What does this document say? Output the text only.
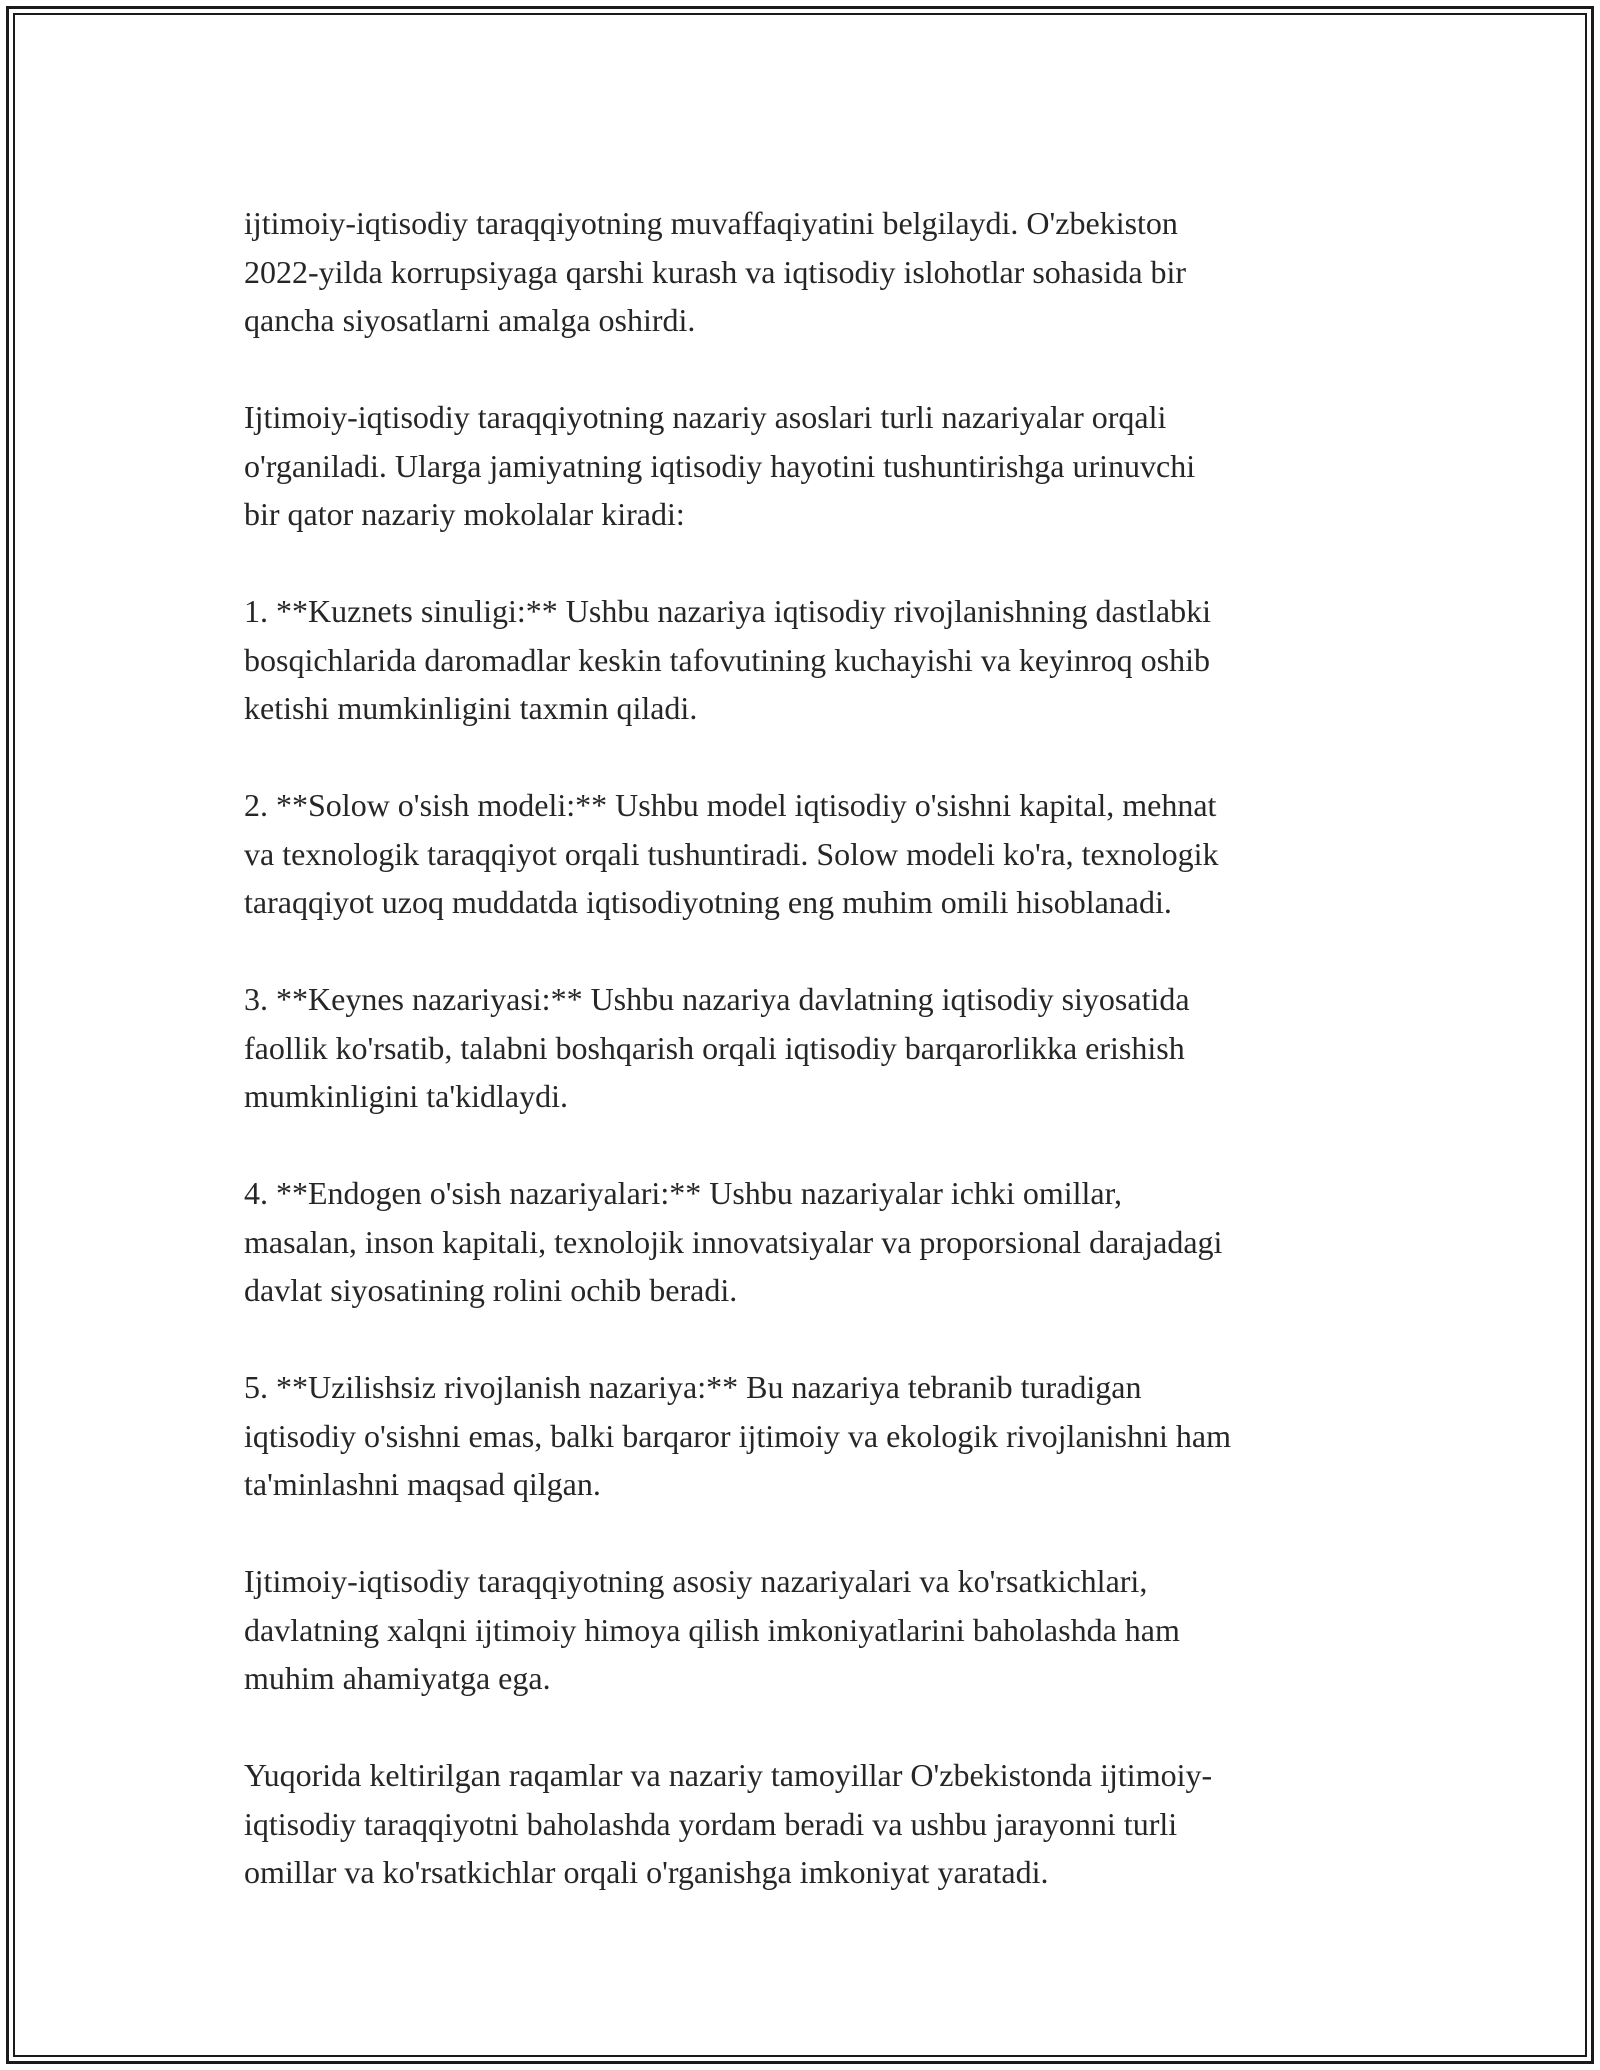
ijtimoiy-iqtisodiy taraqqiyotning muvaffaqiyatini belgilaydi. O'zbekiston
2022-yilda korrupsiyaga qarshi kurash va iqtisodiy islohotlar sohasida bir
qancha siyosatlarni amalga oshirdi.

Ijtimoiy-iqtisodiy taraqqiyotning nazariy asoslari turli nazariyalar orqali
o'rganiladi. Ularga jamiyatning iqtisodiy hayotini tushuntirishga urinuvchi
bir qator nazariy mokolalar kiradi:

1. **Kuznets sinuligi:** Ushbu nazariya iqtisodiy rivojlanishning dastlabki
bosqichlarida daromadlar keskin tafovutining kuchayishi va keyinroq oshib
ketishi mumkinligini taxmin qiladi.

2. **Solow o'sish modeli:** Ushbu model iqtisodiy o'sishni kapital, mehnat
va texnologik taraqqiyot orqali tushuntiradi. Solow modeli ko'ra, texnologik
taraqqiyot uzoq muddatda iqtisodiyotning eng muhim omili hisoblanadi.

3. **Keynes nazariyasi:** Ushbu nazariya davlatning iqtisodiy siyosatida
faollik ko'rsatib, talabni boshqarish orqali iqtisodiy barqarorlikka erishish
mumkinligini ta'kidlaydi.

4. **Endogen o'sish nazariyalari:** Ushbu nazariyalar ichki omillar,
masalan, inson kapitali, texnolojik innovatsiyalar va proporsional darajadagi
davlat siyosatining rolini ochib beradi.

5. **Uzilishsiz rivojlanish nazariya:** Bu nazariya tebranib turadigan
iqtisodiy o'sishni emas, balki barqaror ijtimoiy va ekologik rivojlanishni ham
ta'minlashni maqsad qilgan.

Ijtimoiy-iqtisodiy taraqqiyotning asosiy nazariyalari va ko'rsatkichlari,
davlatning xalqni ijtimoiy himoya qilish imkoniyatlarini baholashda ham
muhim ahamiyatga ega.

Yuqorida keltirilgan raqamlar va nazariy tamoyillar O'zbekistonda ijtimoiy-
iqtisodiy taraqqiyotni baholashda yordam beradi va ushbu jarayonni turli
omillar va ko'rsatkichlar orqali o'rganishga imkoniyat yaratadi.
